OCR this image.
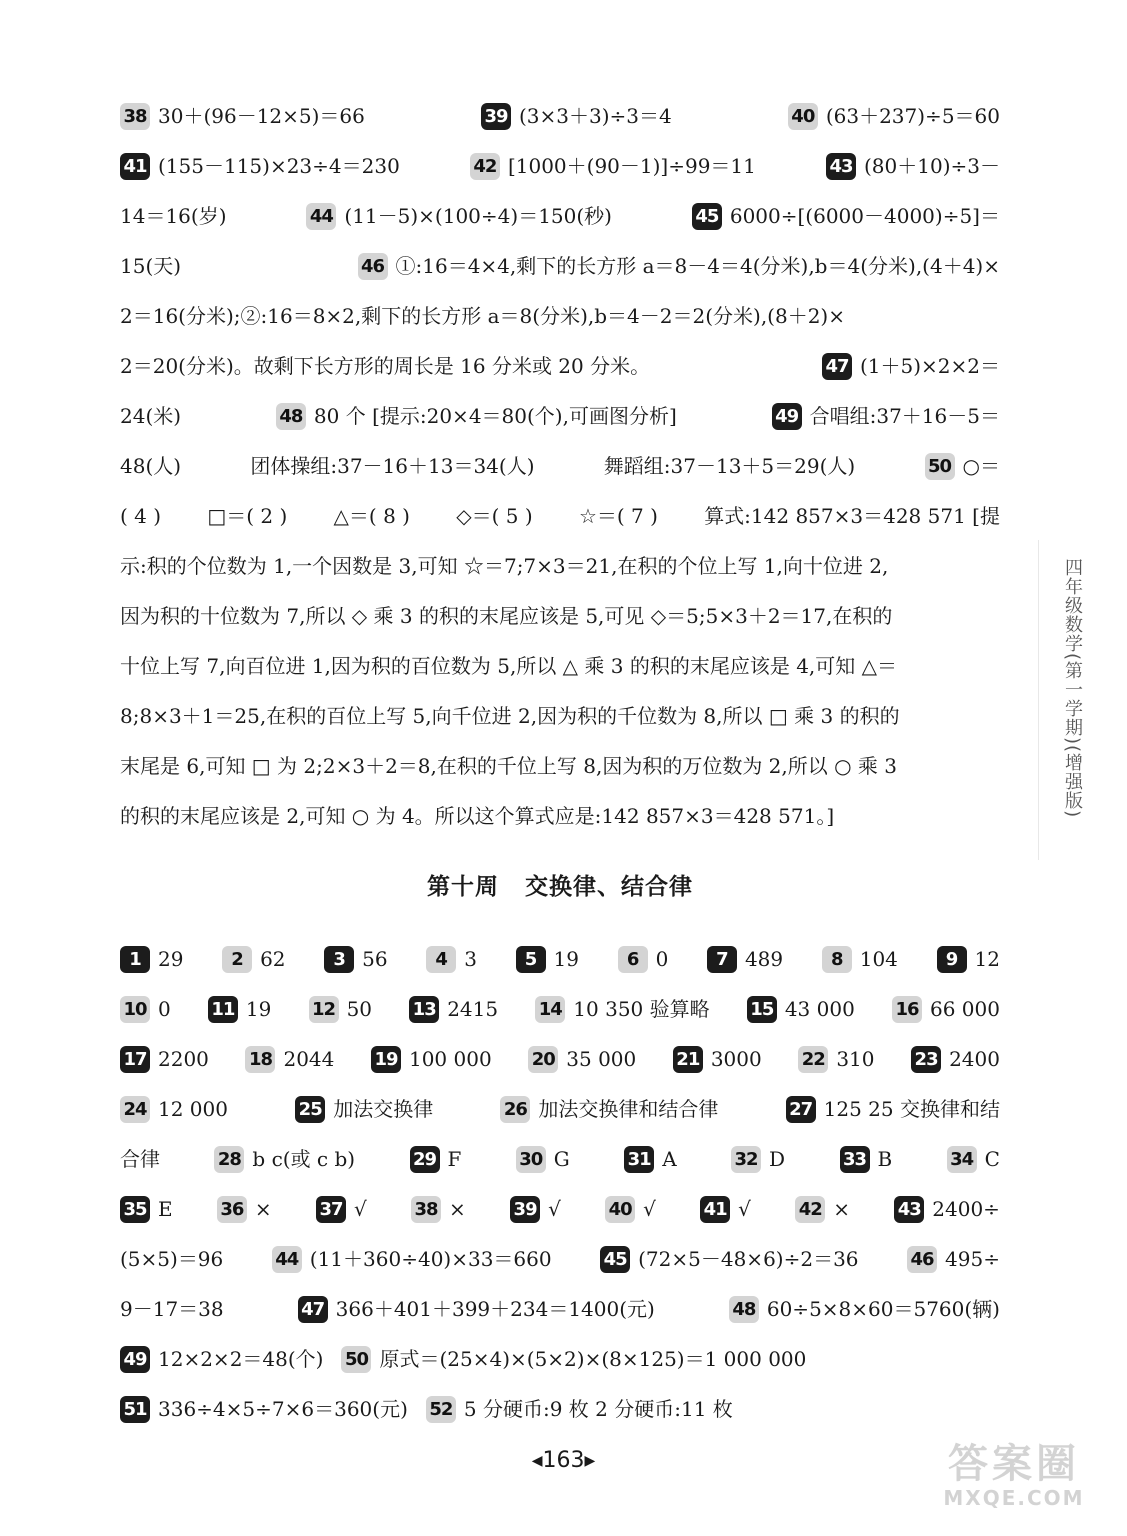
38 30＋(96－12×5)＝66	39 (3×3＋3)÷3＝4	40 (63＋237)÷5＝60
41 (155－115)×23÷4＝230	42 [1000＋(90－1)]÷99＝11	43 (80＋10)÷3－
14＝16(岁)	44 (11－5)×(100÷4)＝150(秒)	45 6000÷[(6000－4000)÷5]＝
15(天)	46 ①:16＝4×4,剩下的长方形 a＝8－4＝4(分米),b＝4(分米),(4＋4)×
2＝16(分米);②:16＝8×2,剩下的长方形 a＝8(分米),b＝4－2＝2(分米),(8＋2)×
2＝20(分米)。故剩下长方形的周长是 16 分米或 20 分米。	47 (1＋5)×2×2＝
24(米)	48 80 个 [提示:20×4＝80(个),可画图分析]	49 合唱组:37＋16－5＝
48(人)	团体操组:37－16＋13＝34(人)	舞蹈组:37－13＋5＝29(人)	50 ○＝
( 4 ) □＝( 2 ) △＝( 8 ) ◇＝( 5 ) ☆＝( 7 ) 算式:142 857×3＝428 571 [提
示:积的个位数为 1,一个因数是 3,可知 ☆＝7;7×3＝21,在积的个位上写 1,向十位进 2,
因为积的十位数为 7,所以 ◇ 乘 3 的积的末尾应该是 5,可见 ◇＝5;5×3＋2＝17,在积的
十位上写 7,向百位进 1,因为积的百位数为 5,所以 △ 乘 3 的积的末尾应该是 4,可知 △＝
8;8×3＋1＝25,在积的百位上写 5,向千位进 2,因为积的千位数为 8,所以 □ 乘 3 的积的
末尾是 6,可知 □ 为 2;2×3＋2＝8,在积的千位上写 8,因为积的万位数为 2,所以 ○ 乘 3
的积的末尾应该是 2,可知 ○ 为 4。所以这个算式应是:142 857×3＝428 571。]
第十周 交换律、结合律
1 29	2 62	3 56	4 3	5 19	6 0	7 489	8 104	9 12
10 0 11 19 12 50 13 2415 14 10 350 验算略 15 43 000 16 66 000
17 2200 18 2044 19 100 000 20 35 000 21 3000 22 310 23 2400
24 12 000	25 加法交换律	26 加法交换律和结合律	27 125 25 交换律和结
合律	28 b c(或 c b)	29 F	30 G	31 A	32 D	33 B	34 C
35 E	36 ×	37 √	38 ×	39 √	40 √	41 √	42 ×	43 2400÷
(5×5)＝96	44 (11＋360÷40)×33＝660	45 (72×5－48×6)÷2＝36	46 495÷
9－17＝38	47 366＋401＋399＋234＝1400(元)	48 60÷5×8×60＝5760(辆)
49 12×2×2＝48(个) 50 原式＝(25×4)×(5×2)×(8×125)＝1 000 000
51 336÷4×5÷7×6＝360(元) 52 5 分硬币:9 枚 2 分硬币:11 枚
◀163▶
四年级数学(第一学期)(增强版)
答案圈
MXQE.COM
